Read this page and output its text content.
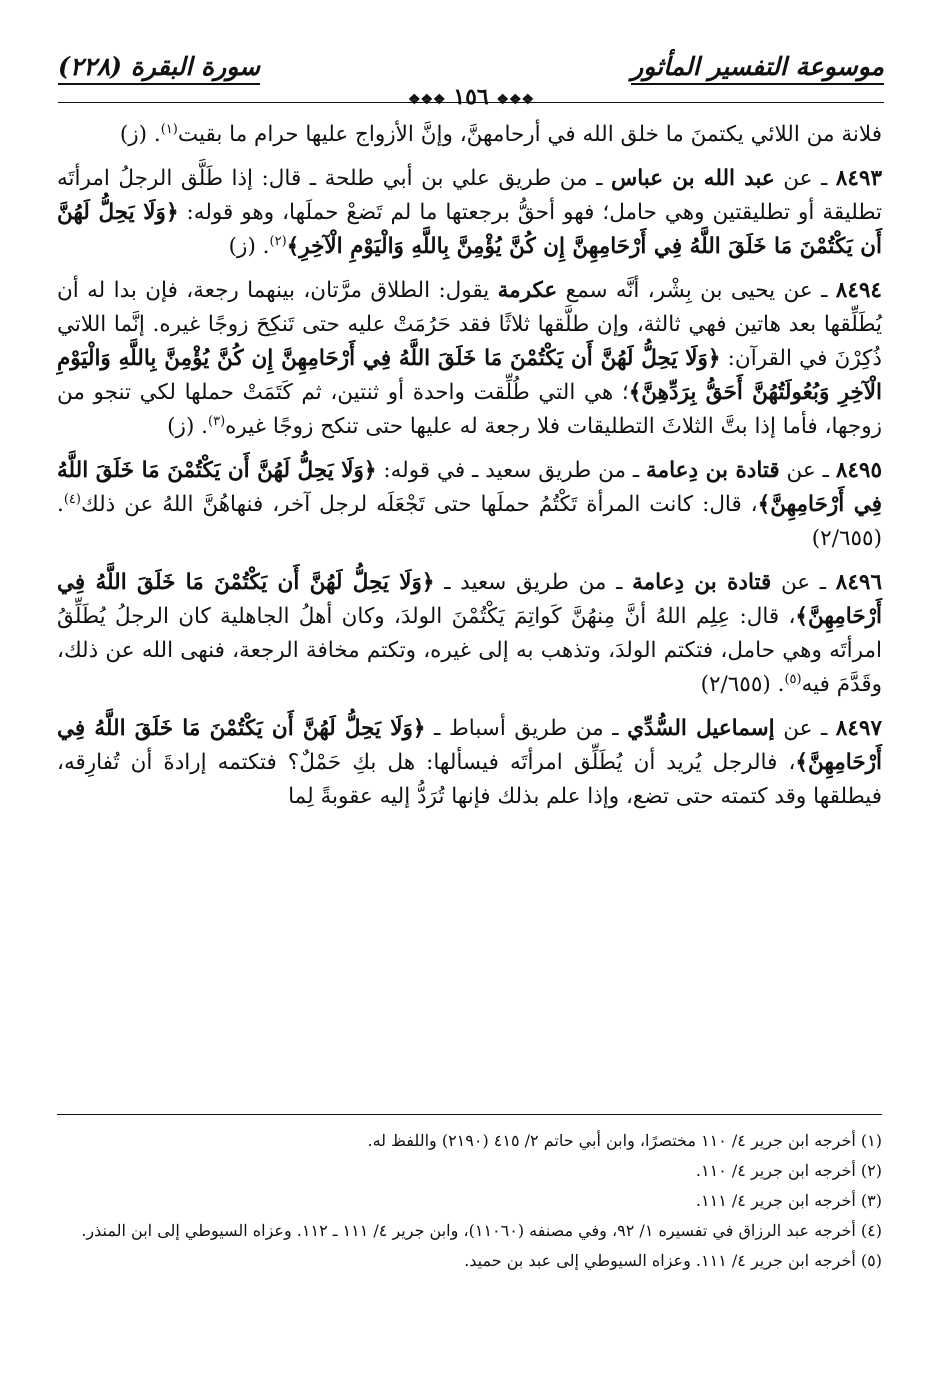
سورة البقرة (٢٢٨)	موسوعة التفسير المأثور
❖❖❖ ١٥٦ ❖❖❖

فلانة من اللائي يكتمنَ ما خلق الله في أرحامهنَّ، وإنَّ الأزواج عليها حرام ما بقيت$^{(١)}$. (ز)

٨٤٩٣ ـ عن عبد الله بن عباس ـ من طريق علي بن أبي طلحة ـ قال: إذا طَلَّق الرجلُ امرأتَه تطليقة أو تطليقتين وهي حامل؛ فهو أحقُّ برجعتها ما لم تَضعْ حملَها، وهو قوله: ﴿وَلَا يَحِلُّ لَهُنَّ أَن يَكْتُمْنَ مَا خَلَقَ اللَّهُ فِي أَرْحَامِهِنَّ إِن كُنَّ يُؤْمِنَّ بِاللَّهِ وَالْيَوْمِ الْآخِرِ﴾$^{(٢)}$. (ز)

٨٤٩٤ ـ عن يحيى بن بِشْر، أنَّه سمع عكرمة يقول: الطلاق مرَّتان، بينهما رجعة، فإن بدا له أن يُطَلِّقها بعد هاتين فهي ثالثة، وإن طلَّقها ثلاثًا فقد حَرُمَتْ عليه حتى تَنكِحَ زوجًا غيره. إنَّما اللاتي ذُكِرْنَ في القرآن: ﴿وَلَا يَحِلُّ لَهُنَّ أَن يَكْتُمْنَ مَا خَلَقَ اللَّهُ فِي أَرْحَامِهِنَّ إِن كُنَّ يُؤْمِنَّ بِاللَّهِ وَالْيَوْمِ الْآخِرِ وَبُعُولَتُهُنَّ أَحَقُّ بِرَدِّهِنَّ﴾؛ هي التي طُلِّقت واحدة أو ثنتين، ثم كَتَمَتْ حملها لكي تنجو من زوجها، فأما إذا بتَّ الثلاثَ التطليقات فلا رجعة له عليها حتى تنكح زوجًا غيره$^{(٣)}$. (ز)

٨٤٩٥ ـ عن قتادة بن دِعامة ـ من طريق سعيد ـ في قوله: ﴿وَلَا يَحِلُّ لَهُنَّ أَن يَكْتُمْنَ مَا خَلَقَ اللَّهُ فِي أَرْحَامِهِنَّ﴾، قال: كانت المرأة تَكْتُمُ حملَها حتى تَجْعَلَه لرجل آخر، فنهاهُنَّ اللهُ عن ذلك$^{(٤)}$. (٢/٦٥٥)

٨٤٩٦ ـ عن قتادة بن دِعامة ـ من طريق سعيد ـ ﴿وَلَا يَحِلُّ لَهُنَّ أَن يَكْتُمْنَ مَا خَلَقَ اللَّهُ فِي أَرْحَامِهِنَّ﴾، قال: عِلِم اللهُ أنَّ مِنهُنَّ كَواتِمَ يَكْتُمْنَ الولدَ، وكان أهلُ الجاهلية كان الرجلُ يُطَلِّقُ امرأتَه وهي حامل، فتكتم الولدَ، وتذهب به إلى غيره، وتكتم مخافة الرجعة، فنهى الله عن ذلك، وقَدَّمَ فيه$^{(٥)}$. (٢/٦٥٥)

٨٤٩٧ ـ عن إسماعيل السُّدِّي ـ من طريق أسباط ـ ﴿وَلَا يَحِلُّ لَهُنَّ أَن يَكْتُمْنَ مَا خَلَقَ اللَّهُ فِي أَرْحَامِهِنَّ﴾، فالرجل يُريد أن يُطَلِّق امرأتَه فيسألها: هل بكِ حَمْلٌ؟ فتكتمه إرادةَ أن تُفارِقه، فيطلقها وقد كتمته حتى تضع، وإذا علم بذلك فإنها تُرَدُّ إليه عقوبةً لِما

(١) أخرجه ابن جرير ٤/ ١١٠ مختصرًا، وابن أبي حاتم ٢/ ٤١٥ (٢١٩٠) واللفظ له.

(٢) أخرجه ابن جرير ٤/ ١١٠.

(٣) أخرجه ابن جرير ٤/ ١١١.

(٤) أخرجه عبد الرزاق في تفسيره ١/ ٩٢، وفي مصنفه (١١٠٦٠)، وابن جرير ٤/ ١١١ ـ ١١٢. وعزاه السيوطي إلى ابن المنذر.

(٥) أخرجه ابن جرير ٤/ ١١١. وعزاه السيوطي إلى عبد بن حميد.
